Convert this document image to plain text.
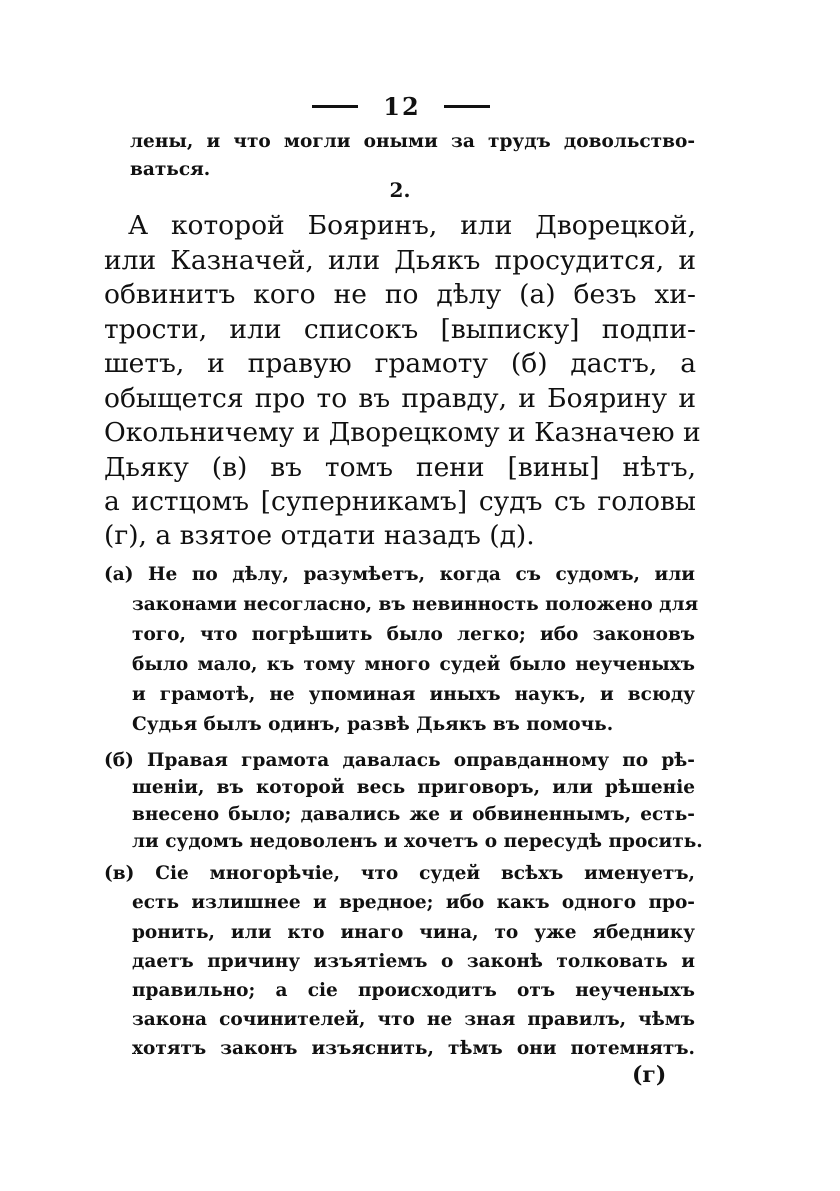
12
лены, и что могли оными за трудъ довольство-
ваться.
2.
А которой Бояринъ, или Дворецкой,
или Казначей, или Дьякъ просудится, и
обвинитъ кого не по дѣлу (а) безъ хи-
трости, или списокъ [выписку] подпи-
шетъ, и правую грамоту (б) дастъ, а
обыщется про то въ правду, и Боярину и
Окольничему и Дворецкому и Казначею и
Дьяку (в) въ томъ пени [вины] нѣтъ,
а истцомъ [суперникамъ] судъ съ головы
(г), а взятое отдати назадъ (д).
(а) Не по дѣлу, разумѣетъ, когда съ судомъ, или
законами несогласно, въ невинность положено для
того, что погрѣшить было легко; ибо законовъ
было мало, къ тому много судей было неученыхъ
и грамотѣ, не упоминая иныхъ наукъ, и всюду
Судья былъ одинъ, развѣ Дьякъ въ помочь.
(б) Правая грамота давалась оправданному по рѣ-
шеніи, въ которой весь приговоръ, или рѣшеніе
внесено было; давались же и обвиненнымъ, есть-
ли судомъ недоволенъ и хочетъ о пересудѣ просить.
(в) Сіе многорѣчіе, что судей всѣхъ именуетъ,
есть излишнее и вредное; ибо какъ одного про-
ронить, или кто инаго чина, то уже ябеднику
даетъ причину изъятіемъ о законѣ толковать и
правильно; а сіе происходитъ отъ неученыхъ
закона сочинителей, что не зная правилъ, чѣмъ
хотятъ законъ изъяснить, тѣмъ они потемнятъ.
(г)
